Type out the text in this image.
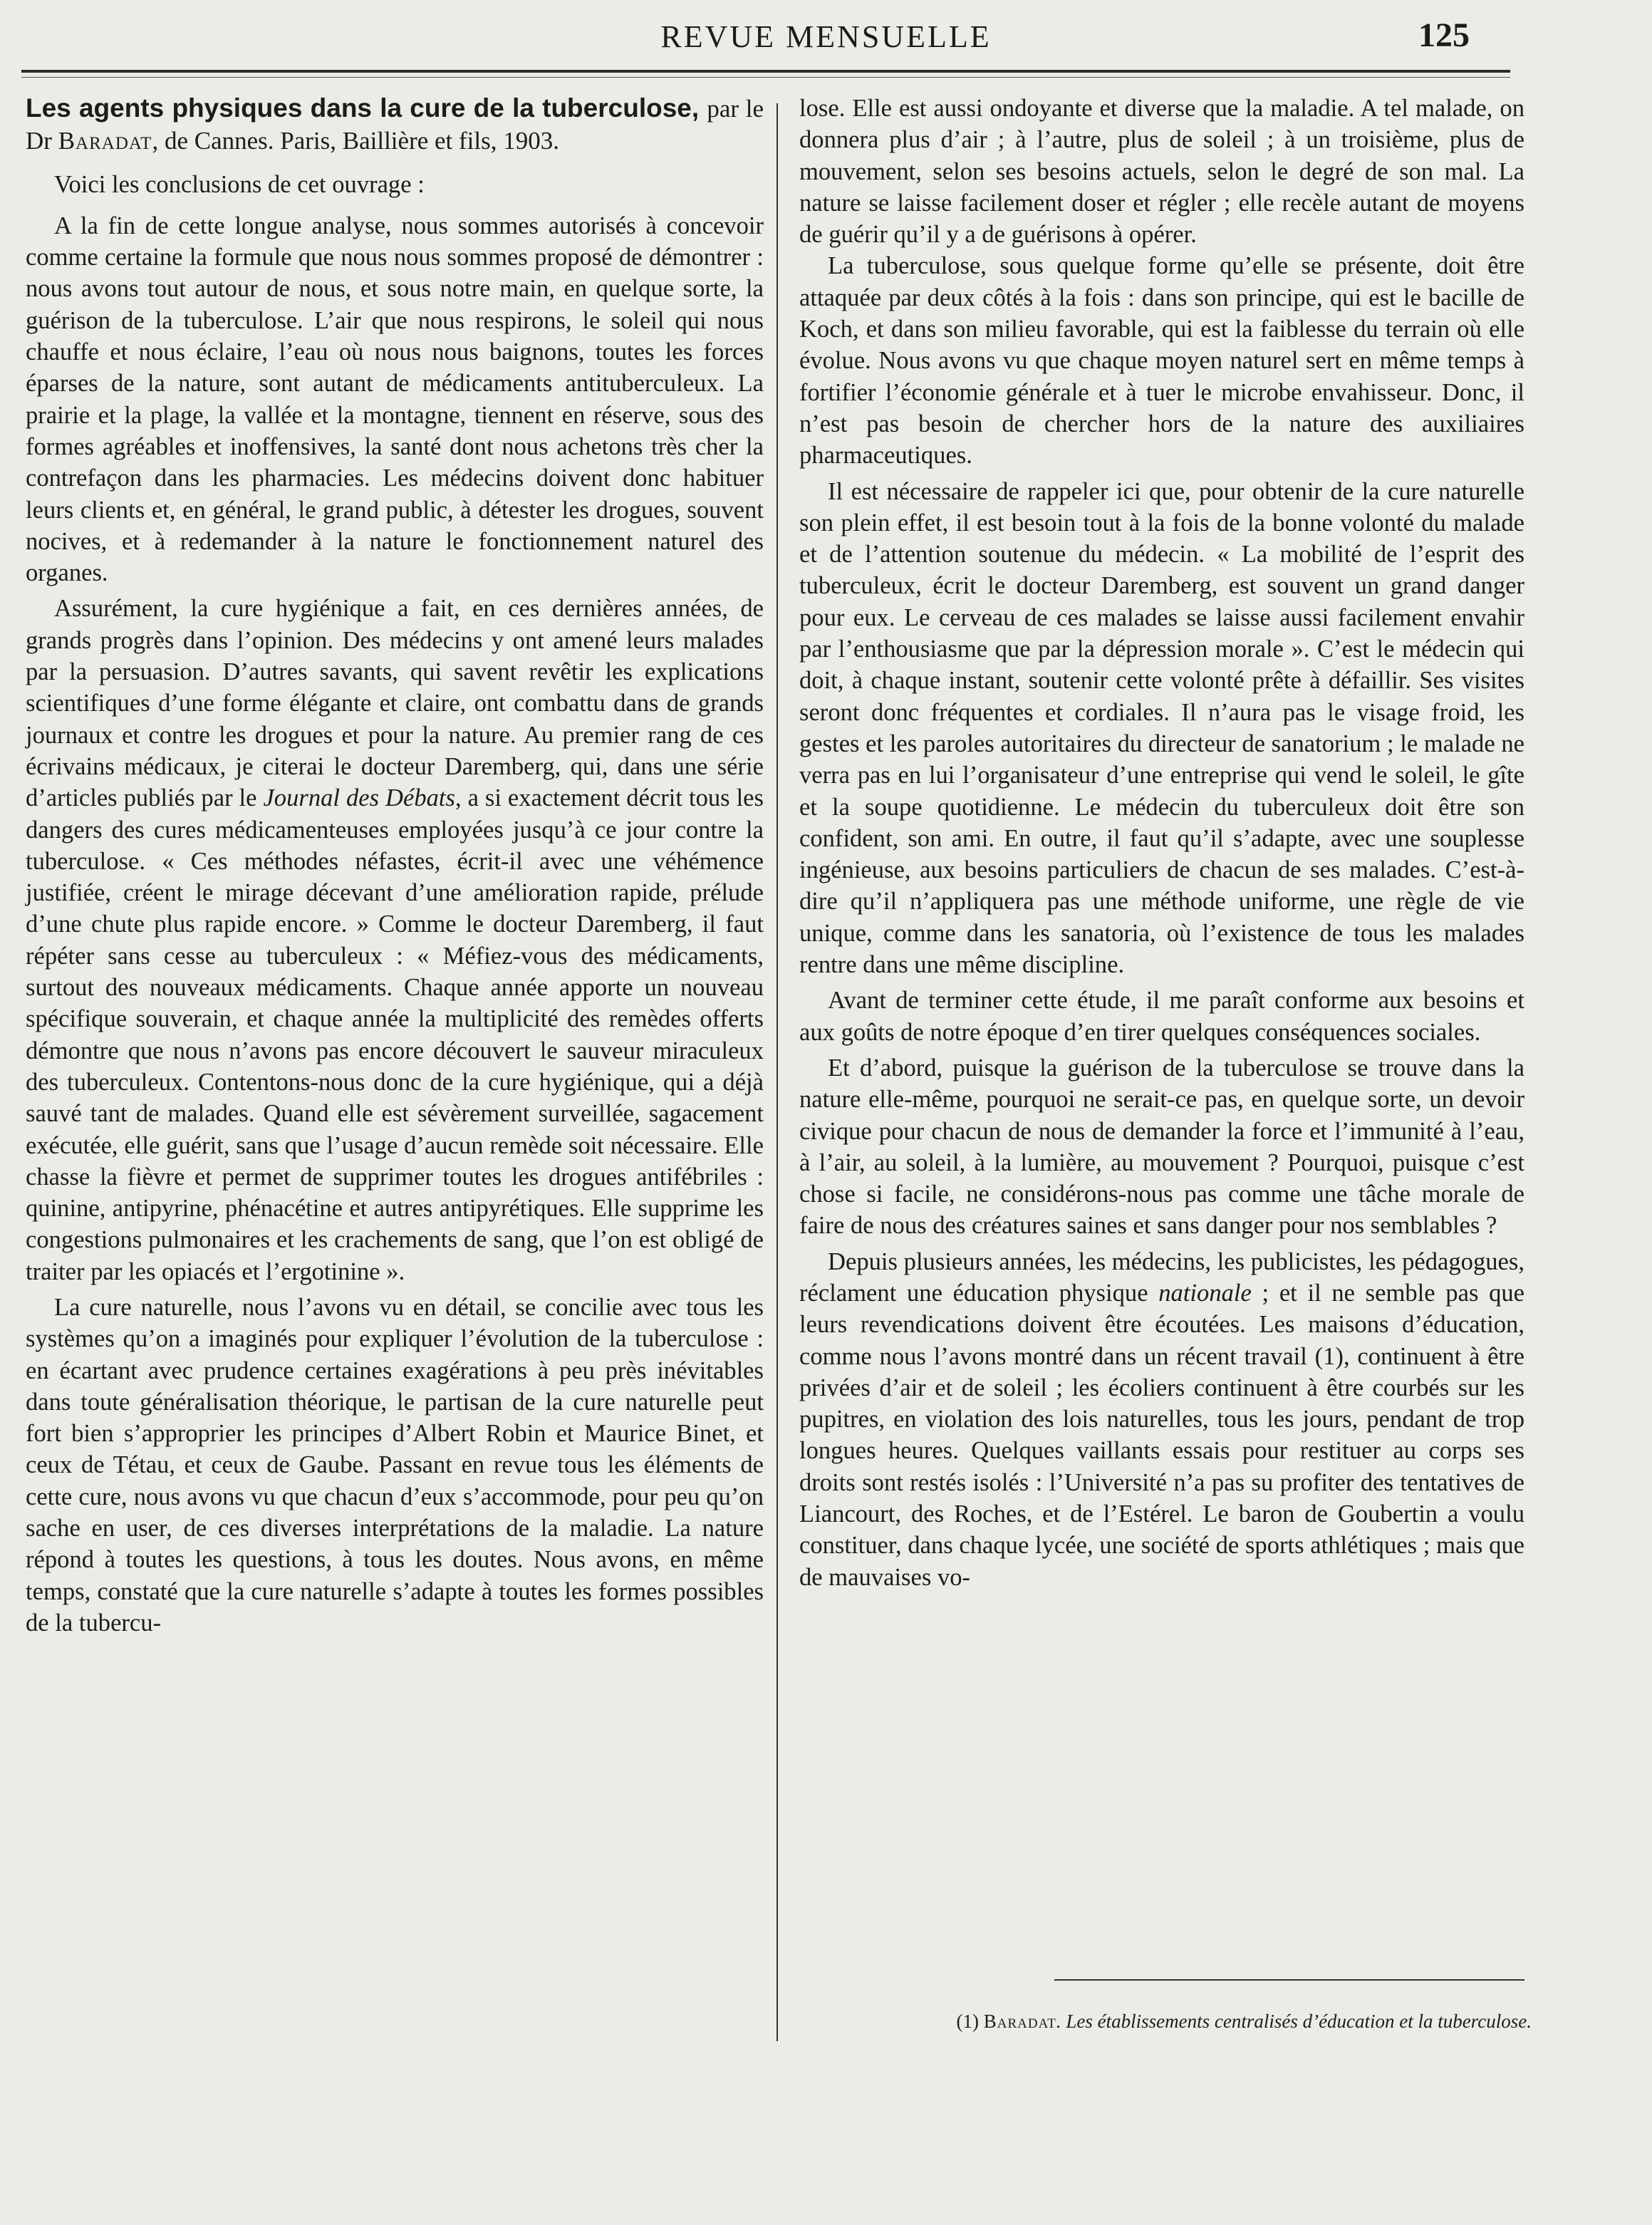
REVUE MENSUELLE	125

Les agents physiques dans la cure de la tuberculose, par le Dr Baradat, de Cannes. Paris, Baillière et fils, 1903.

Voici les conclusions de cet ouvrage :

A la fin de cette longue analyse, nous sommes autorisés à concevoir comme certaine la formule que nous nous sommes proposé de démontrer : nous avons tout autour de nous, et sous notre main, en quelque sorte, la guérison de la tuberculose. L’air que nous respirons, le soleil qui nous chauffe et nous éclaire, l’eau où nous nous baignons, toutes les forces éparses de la nature, sont autant de médicaments antituberculeux. La prairie et la plage, la vallée et la montagne, tiennent en réserve, sous des formes agréables et inoffensives, la santé dont nous achetons très cher la contrefaçon dans les pharmacies. Les médecins doivent donc habituer leurs clients et, en général, le grand public, à détester les drogues, souvent nocives, et à redemander à la nature le fonctionnement naturel des organes.

Assurément, la cure hygiénique a fait, en ces dernières années, de grands progrès dans l’opinion. Des médecins y ont amené leurs malades par la persuasion. D’autres savants, qui savent revêtir les explications scientifiques d’une forme élégante et claire, ont combattu dans de grands journaux et contre les drogues et pour la nature. Au premier rang de ces écrivains médicaux, je citerai le docteur Daremberg, qui, dans une série d’articles publiés par le Journal des Débats, a si exactement décrit tous les dangers des cures médicamenteuses employées jusqu’à ce jour contre la tuberculose. « Ces méthodes néfastes, écrit-il avec une véhémence justifiée, créent le mirage décevant d’une amélioration rapide, prélude d’une chute plus rapide encore. » Comme le docteur Daremberg, il faut répéter sans cesse au tuberculeux : « Méfiez-vous des médicaments, surtout des nouveaux médicaments. Chaque année apporte un nouveau spécifique souverain, et chaque année la multiplicité des remèdes offerts démontre que nous n’avons pas encore découvert le sauveur miraculeux des tuberculeux. Contentons-nous donc de la cure hygiénique, qui a déjà sauvé tant de malades. Quand elle est sévèrement surveillée, sagacement exécutée, elle guérit, sans que l’usage d’aucun remède soit nécessaire. Elle chasse la fièvre et permet de supprimer toutes les drogues antifébriles : quinine, antipyrine, phénacétine et autres antipyrétiques. Elle supprime les congestions pulmonaires et les crachements de sang, que l’on est obligé de traiter par les opiacés et l’ergotinine ».

La cure naturelle, nous l’avons vu en détail, se concilie avec tous les systèmes qu’on a imaginés pour expliquer l’évolution de la tuberculose : en écartant avec prudence certaines exagérations à peu près inévitables dans toute généralisation théorique, le partisan de la cure naturelle peut fort bien s’approprier les principes d’Albert Robin et Maurice Binet, et ceux de Tétau, et ceux de Gaube. Passant en revue tous les éléments de cette cure, nous avons vu que chacun d’eux s’accommode, pour peu qu’on sache en user, de ces diverses interprétations de la maladie. La nature répond à toutes les questions, à tous les doutes. Nous avons, en même temps, constaté que la cure naturelle s’adapte à toutes les formes possibles de la tubercu-

lose. Elle est aussi ondoyante et diverse que la maladie. A tel malade, on donnera plus d’air ; à l’autre, plus de soleil ; à un troisième, plus de mouvement, selon ses besoins actuels, selon le degré de son mal. La nature se laisse facilement doser et régler ; elle recèle autant de moyens de guérir qu’il y a de guérisons à opérer.

La tuberculose, sous quelque forme qu’elle se présente, doit être attaquée par deux côtés à la fois : dans son principe, qui est le bacille de Koch, et dans son milieu favorable, qui est la faiblesse du terrain où elle évolue. Nous avons vu que chaque moyen naturel sert en même temps à fortifier l’économie générale et à tuer le microbe envahisseur. Donc, il n’est pas besoin de chercher hors de la nature des auxiliaires pharmaceutiques.

Il est nécessaire de rappeler ici que, pour obtenir de la cure naturelle son plein effet, il est besoin tout à la fois de la bonne volonté du malade et de l’attention soutenue du médecin. « La mobilité de l’esprit des tuberculeux, écrit le docteur Daremberg, est souvent un grand danger pour eux. Le cerveau de ces malades se laisse aussi facilement envahir par l’enthousiasme que par la dépression morale ». C’est le médecin qui doit, à chaque instant, soutenir cette volonté prête à défaillir. Ses visites seront donc fréquentes et cordiales. Il n’aura pas le visage froid, les gestes et les paroles autoritaires du directeur de sanatorium ; le malade ne verra pas en lui l’organisateur d’une entreprise qui vend le soleil, le gîte et la soupe quotidienne. Le médecin du tuberculeux doit être son confident, son ami. En outre, il faut qu’il s’adapte, avec une souplesse ingénieuse, aux besoins particuliers de chacun de ses malades. C’est-à-dire qu’il n’appliquera pas une méthode uniforme, une règle de vie unique, comme dans les sanatoria, où l’existence de tous les malades rentre dans une même discipline.

Avant de terminer cette étude, il me paraît conforme aux besoins et aux goûts de notre époque d’en tirer quelques conséquences sociales.

Et d’abord, puisque la guérison de la tuberculose se trouve dans la nature elle-même, pourquoi ne serait-ce pas, en quelque sorte, un devoir civique pour chacun de nous de demander la force et l’immunité à l’eau, à l’air, au soleil, à la lumière, au mouvement ? Pourquoi, puisque c’est chose si facile, ne considérons-nous pas comme une tâche morale de faire de nous des créatures saines et sans danger pour nos semblables ?

Depuis plusieurs années, les médecins, les publicistes, les pédagogues, réclament une éducation physique nationale ; et il ne semble pas que leurs revendications doivent être écoutées. Les maisons d’éducation, comme nous l’avons montré dans un récent travail (1), continuent à être privées d’air et de soleil ; les écoliers continuent à être courbés sur les pupitres, en violation des lois naturelles, tous les jours, pendant de trop longues heures. Quelques vaillants essais pour restituer au corps ses droits sont restés isolés : l’Université n’a pas su profiter des tentatives de Liancourt, des Roches, et de l’Estérel. Le baron de Goubertin a voulu constituer, dans chaque lycée, une société de sports athlétiques ; mais que de mauvaises vo-

(1) Baradat. Les établissements centralisés d’éducation et la tuberculose.
